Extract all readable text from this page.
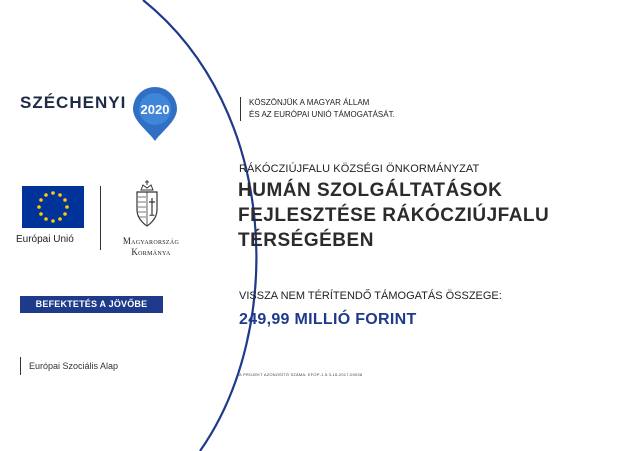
SZÉCHENYI 2020	KÖSZÖNJÜK A MAGYAR ÁLLAM
ÉS AZ EURÓPAI UNIÓ TÁMOGATÁSÁT.
Európai Unió	Magyarország
Kormánya
BEFEKTETÉS A JÖVŐBE
Európai Szociális Alap
RÁKÓCZIÚJFALU KÖZSÉGI ÖNKORMÁNYZAT
HUMÁN SZOLGÁLTATÁSOK
FEJLESZTÉSE RÁKÓCZIÚJFALU
TÉRSÉGÉBEN
VISSZA NEM TÉRÍTENDŐ TÁMOGATÁS ÖSSZEGE:
249,99 MILLIÓ FORINT
A PROJEKT AZONOSÍTÓ SZÁMA: EFOP-1.5.3-16-2017-00038
